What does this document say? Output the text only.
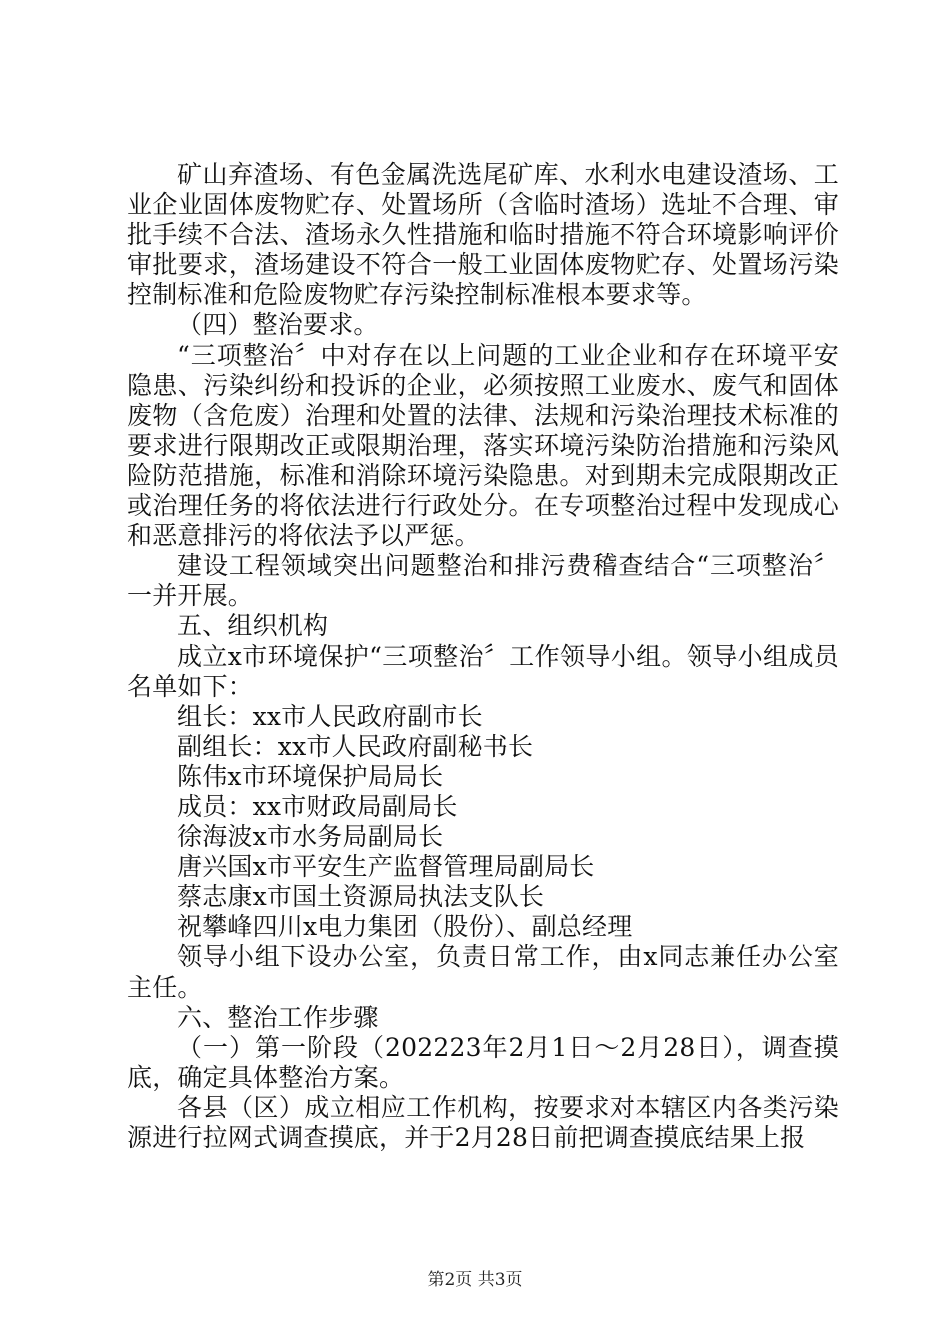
矿山弃渣场、有色金属洗选尾矿库、水利水电建设渣场、工业企业固体废物贮存、处置场所（含临时渣场）选址不合理、审批手续不合法、渣场永久性措施和临时措施不符合环境影响评价审批要求，渣场建设不符合一般工业固体废物贮存、处置场污染控制标准和危险废物贮存污染控制标准根本要求等。

（四）整治要求。

“三项整治〞中对存在以上问题的工业企业和存在环境平安隐患、污染纠纷和投诉的企业，必须按照工业废水、废气和固体废物（含危废）治理和处置的法律、法规和污染治理技术标准的要求进行限期改正或限期治理，落实环境污染防治措施和污染风险防范措施，标准和消除环境污染隐患。对到期未完成限期改正或治理任务的将依法进行行政处分。在专项整治过程中发现成心和恶意排污的将依法予以严惩。

建设工程领域突出问题整治和排污费稽查结合“三项整治〞一并开展。

五、组织机构

成立x市环境保护“三项整治〞工作领导小组。领导小组成员名单如下：

组长：xx市人民政府副市长

副组长：xx市人民政府副秘书长

陈伟x市环境保护局局长

成员：xx市财政局副局长

徐海波x市水务局副局长

唐兴国x市平安生产监督管理局副局长

蔡志康x市国土资源局执法支队长

祝攀峰四川x电力集团（股份）、副总经理

领导小组下设办公室，负责日常工作，由x同志兼任办公室主任。

六、整治工作步骤

（一）第一阶段（202223年2月1日～2月28日），调查摸底，确定具体整治方案。

各县（区）成立相应工作机构，按要求对本辖区内各类污染源进行拉网式调查摸底，并于2月28日前把调查摸底结果上报

第2页 共3页
